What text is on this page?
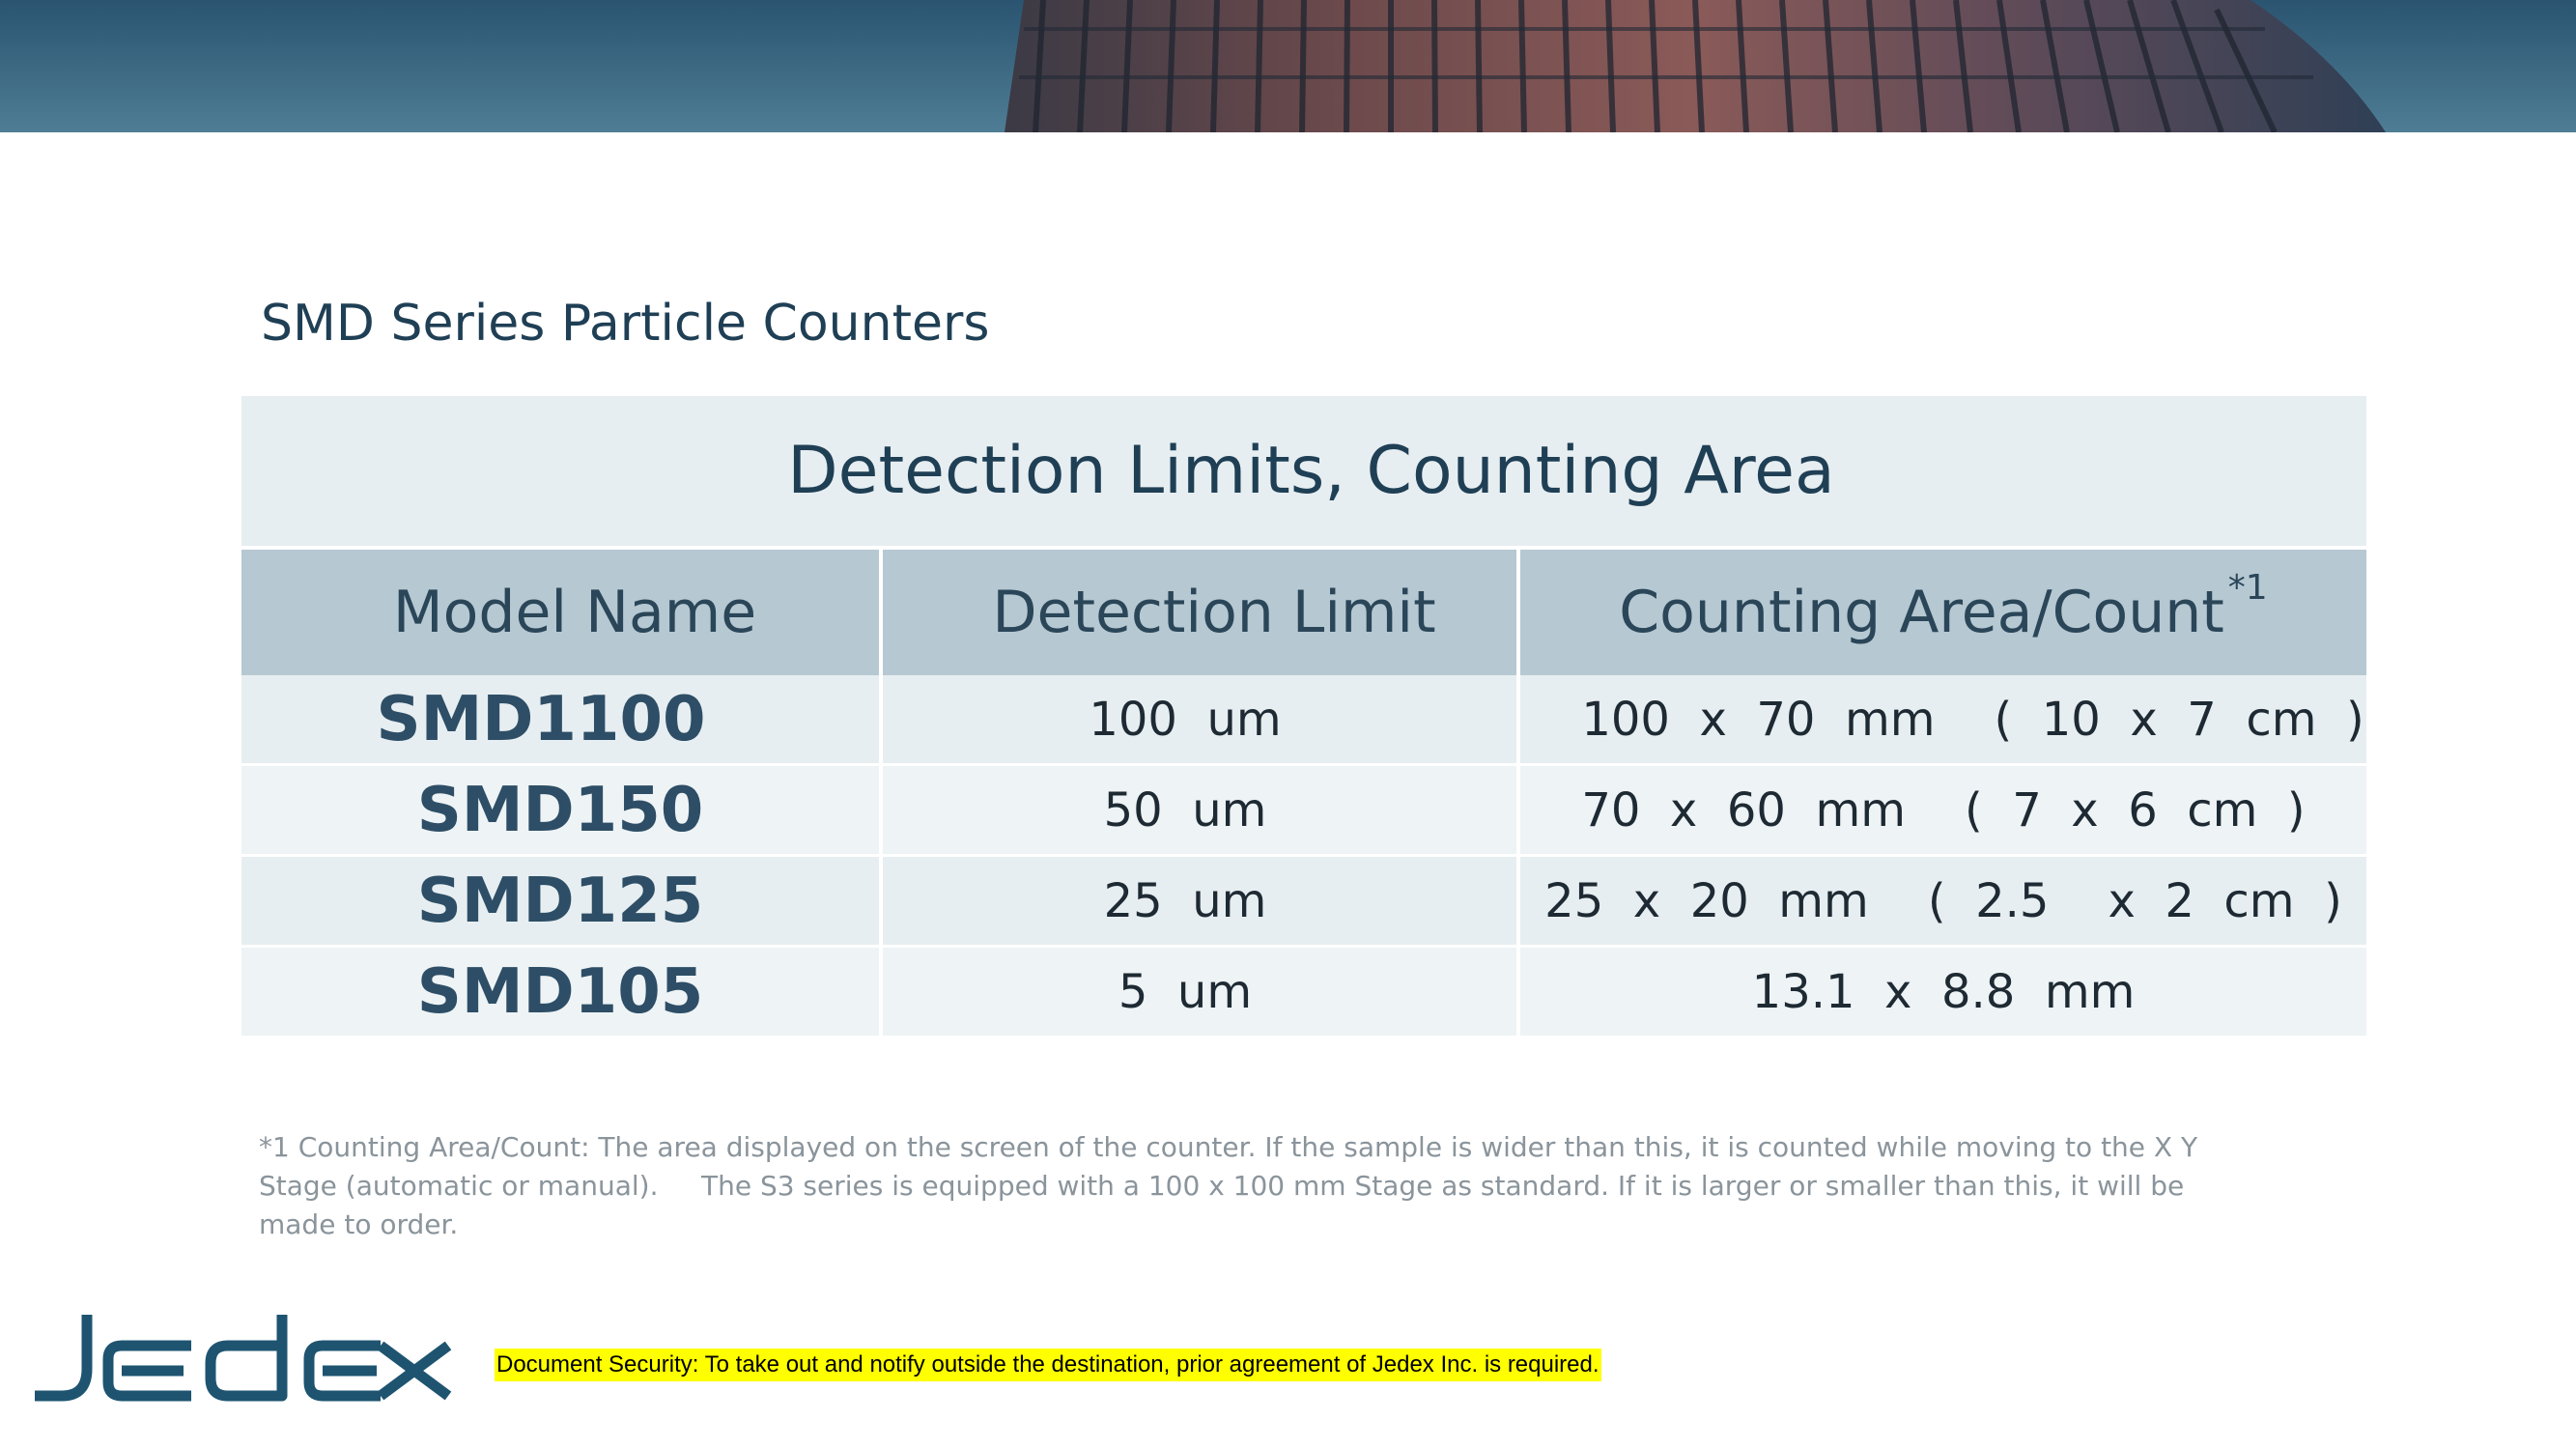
SMD Series Particle Counters
Detection Limits, Counting Area
Model Name	Detection Limit	Counting Area/Count *1
SMD1100	100  um	100  x  70  mm    (  10  x  7  cm  )
SMD150	50  um	70  x  60  mm    (  7  x  6  cm  )
SMD125	25  um	25  x  20  mm    (  2.5    x  2  cm  )
SMD105	5  um	13.1  x  8.8  mm
*1 Counting Area/Count: The area displayed on the screen of the counter. If the sample is wider than this, it is counted while moving to the X Y Stage (automatic or manual).     The S3 series is equipped with a 100 x 100 mm Stage as standard. If it is larger or smaller than this, it will be made to order.
Document Security: To take out and notify outside the destination, prior agreement of Jedex Inc. is required.
